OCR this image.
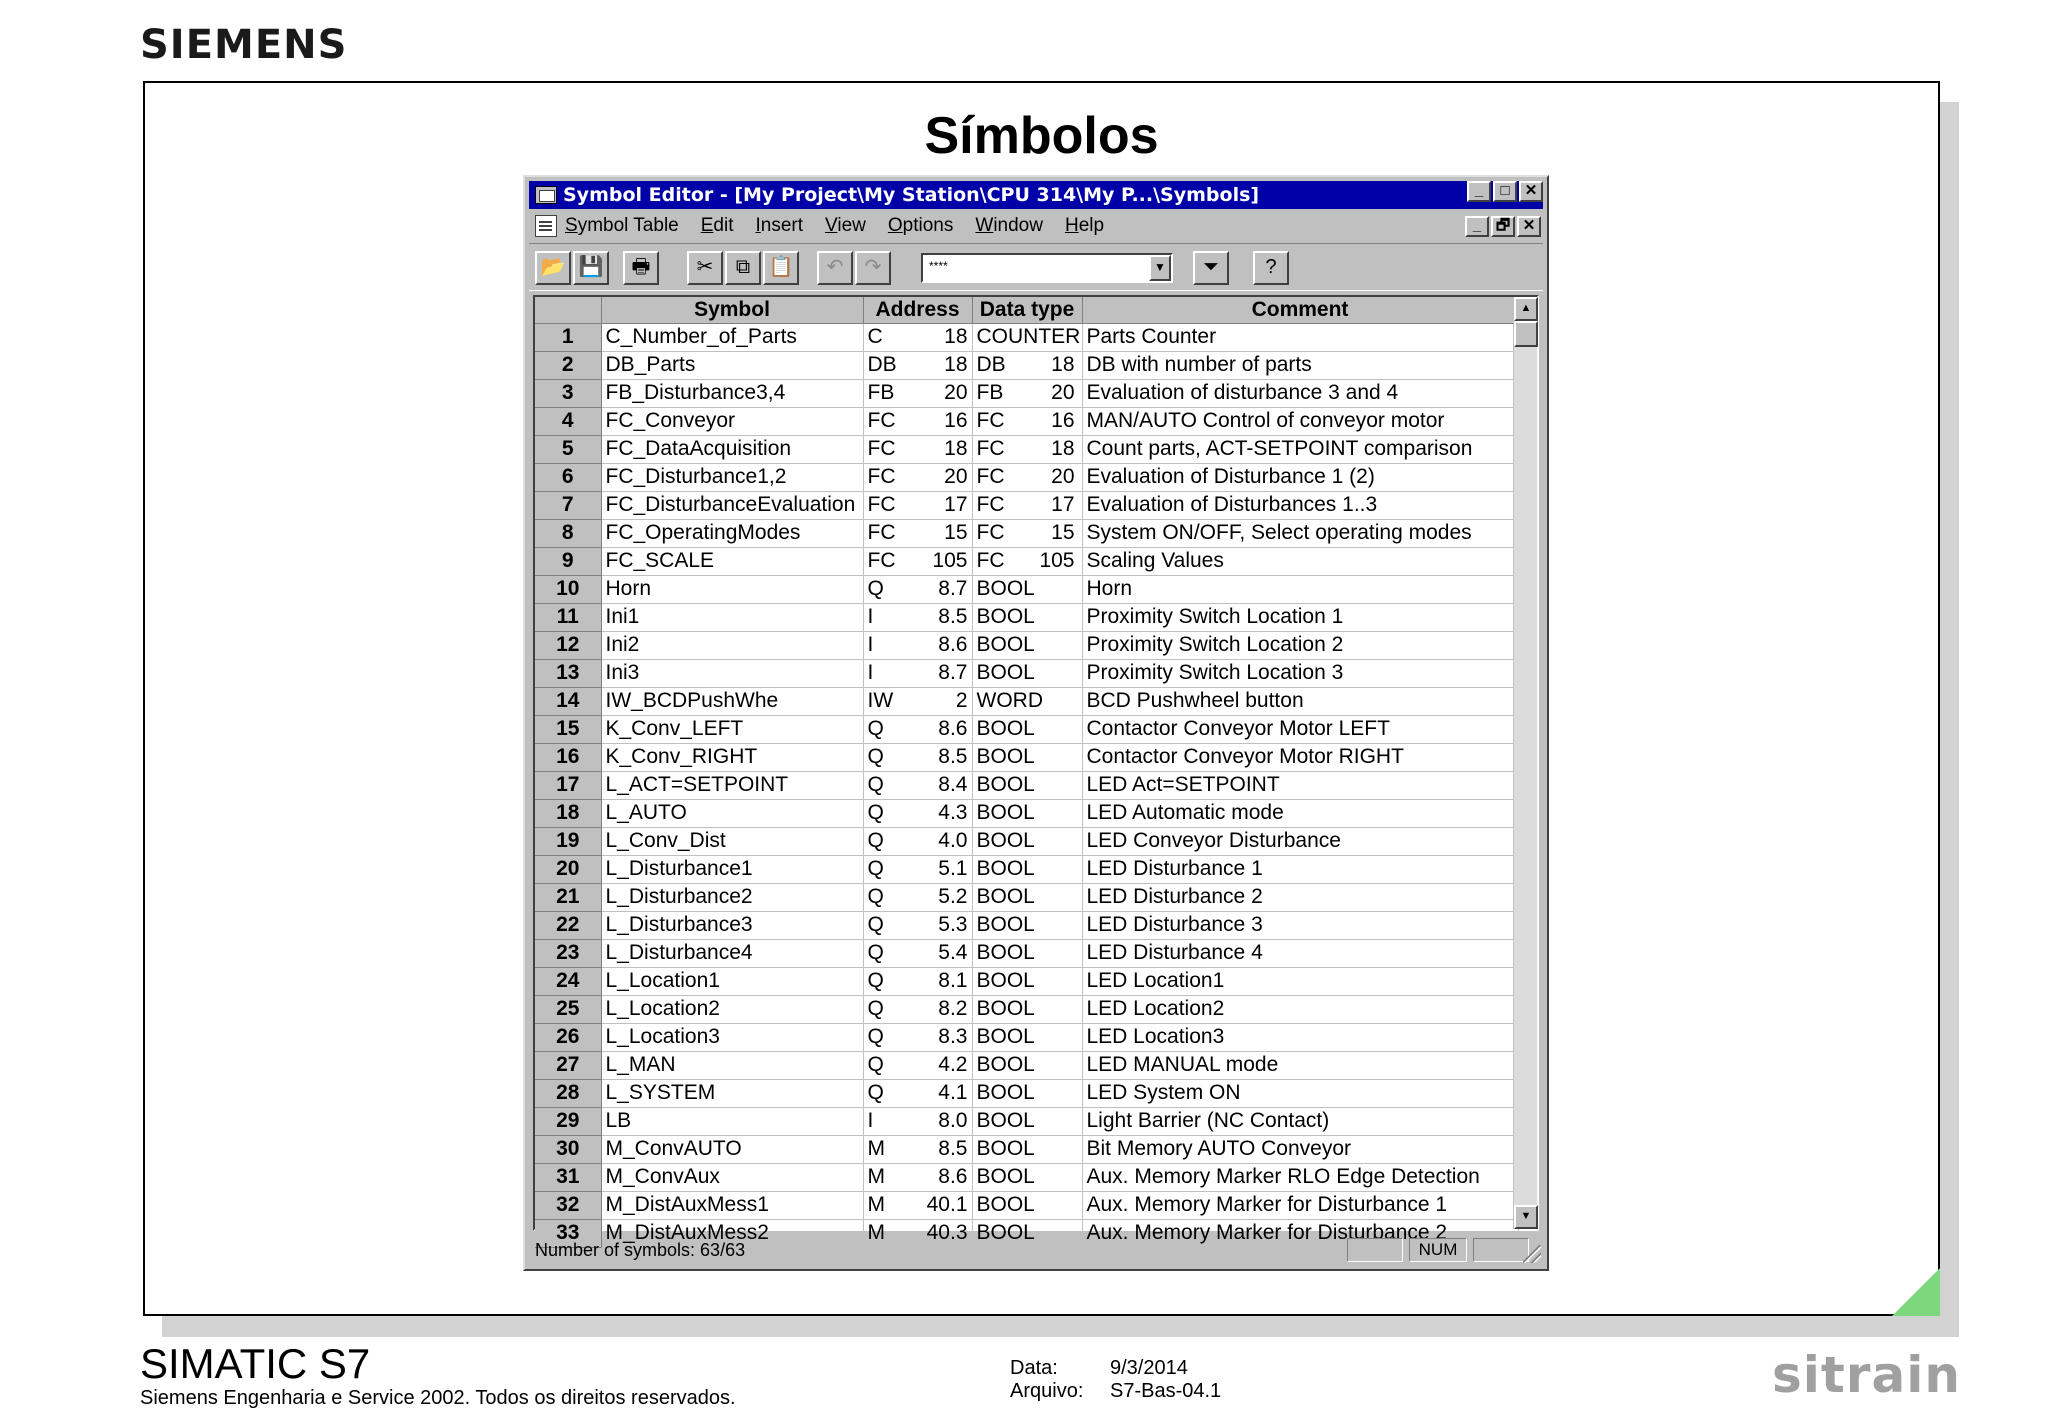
SIEMENS
Símbolos
Symbol Editor - [My Project\My Station\CPU 314\My P...\Symbols]	_	□	✕
Symbol Table Edit Insert View Options Window Help	_ 🗗 ✕
📂 💾	🖶	✂	⧉ 📋	↶	↷	****	▼	⏷	?
	Symbol	Address	Data type	Comment
1	C_Number_of_Parts	C 18	COUNTER	Parts Counter
2	DB_Parts	DB 18	DB 18	DB with number of parts
3	FB_Disturbance3,4	FB 20	FB 20	Evaluation of disturbance 3 and 4
4	FC_Conveyor	FC 16	FC 16	MAN/AUTO Control of conveyor motor
5	FC_DataAcquisition	FC 18	FC 18	Count parts, ACT-SETPOINT comparison
6	FC_Disturbance1,2	FC 20	FC 20	Evaluation of Disturbance 1 (2)
7	FC_DisturbanceEvaluation	FC 17	FC 17	Evaluation of Disturbances 1..3
8	FC_OperatingModes	FC 15	FC 15	System ON/OFF, Select operating modes
9	FC_SCALE	FC 105	FC 105	Scaling Values
10	Horn	Q 8.7	BOOL	Horn
11	Ini1	I 8.5	BOOL	Proximity Switch Location 1
12	Ini2	I 8.6	BOOL	Proximity Switch Location 2
13	Ini3	I 8.7	BOOL	Proximity Switch Location 3
14	IW_BCDPushWhe	IW 2	WORD	BCD Pushwheel button
15	K_Conv_LEFT	Q 8.6	BOOL	Contactor Conveyor Motor LEFT
16	K_Conv_RIGHT	Q 8.5	BOOL	Contactor Conveyor Motor RIGHT
17	L_ACT=SETPOINT	Q 8.4	BOOL	LED Act=SETPOINT
18	L_AUTO	Q 4.3	BOOL	LED Automatic mode
19	L_Conv_Dist	Q 4.0	BOOL	LED Conveyor Disturbance
20	L_Disturbance1	Q 5.1	BOOL	LED Disturbance 1
21	L_Disturbance2	Q 5.2	BOOL	LED Disturbance 2
22	L_Disturbance3	Q 5.3	BOOL	LED Disturbance 3
23	L_Disturbance4	Q 5.4	BOOL	LED Disturbance 4
24	L_Location1	Q 8.1	BOOL	LED Location1
25	L_Location2	Q 8.2	BOOL	LED Location2
26	L_Location3	Q 8.3	BOOL	LED Location3
27	L_MAN	Q 4.2	BOOL	LED MANUAL mode
28	L_SYSTEM	Q 4.1	BOOL	LED System ON
29	LB	I 8.0	BOOL	Light Barrier (NC Contact)
30	M_ConvAUTO	M 8.5	BOOL	Bit Memory AUTO Conveyor
31	M_ConvAux	M 8.6	BOOL	Aux. Memory Marker RLO Edge Detection
32	M_DistAuxMess1	M 40.1	BOOL	Aux. Memory Marker for Disturbance 1
33	M_DistAuxMess2	M 40.3	BOOL	Aux. Memory Marker for Disturbance 2
▲
▼
Number of symbols: 63/63	NUM
SIMATIC S7
Siemens Engenharia e Service 2002. Todos os direitos reservados.
Data:	9/3/2014
Arquivo: S7-Bas-04.1	sitrain
